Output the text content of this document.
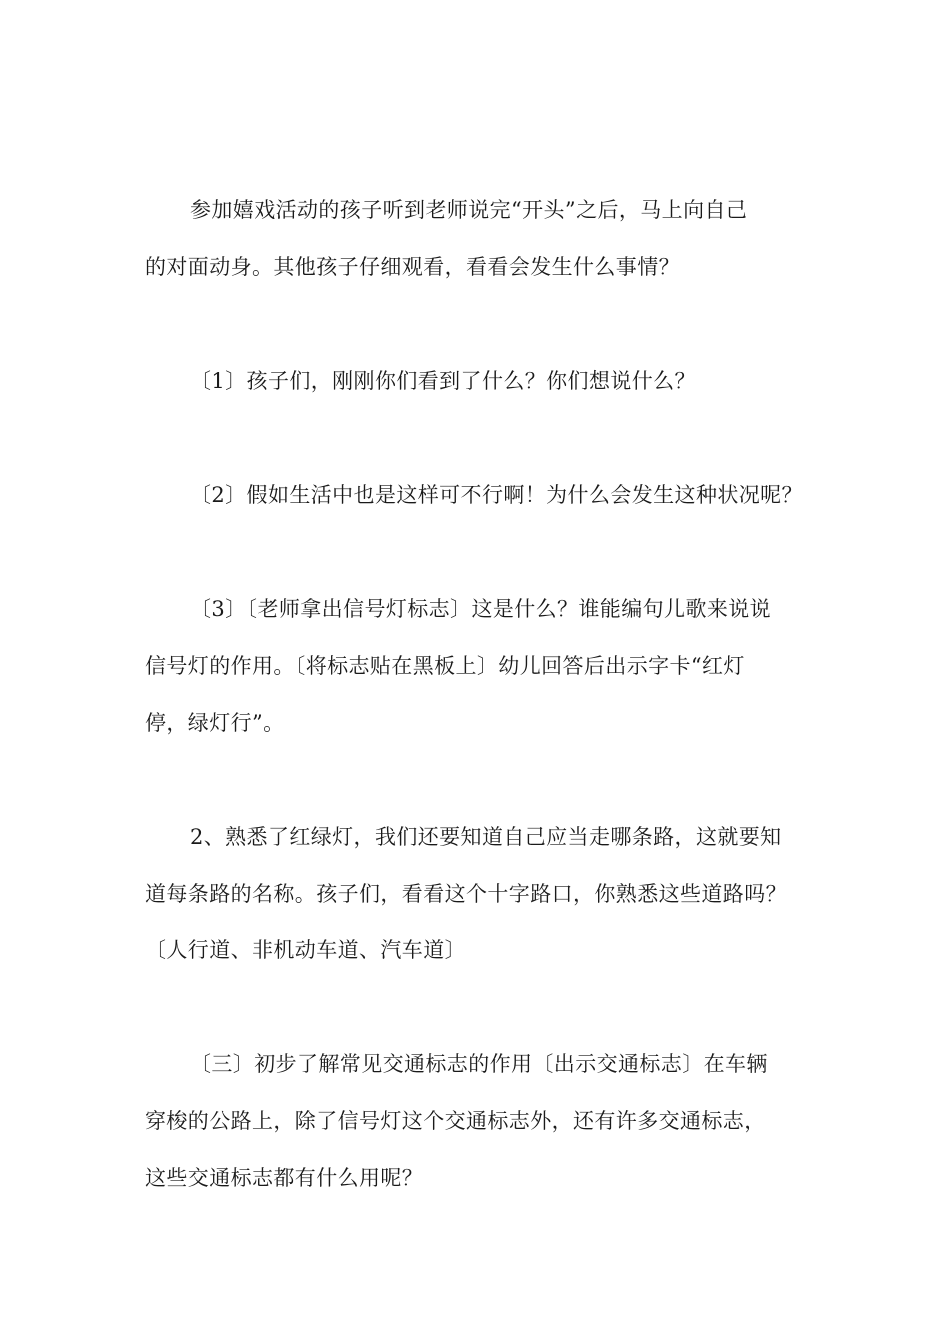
参加嬉戏活动的孩子听到老师说完“开头”之后，马上向自己
的对面动身。其他孩子仔细观看，看看会发生什么事情？
〔1〕孩子们，刚刚你们看到了什么？你们想说什么？
〔2〕假如生活中也是这样可不行啊！为什么会发生这种状况呢？
〔3〕〔老师拿出信号灯标志〕这是什么？谁能编句儿歌来说说
信号灯的作用。〔将标志贴在黑板上〕幼儿回答后出示字卡“红灯
停，绿灯行”。
2、熟悉了红绿灯，我们还要知道自己应当走哪条路，这就要知
道每条路的名称。孩子们，看看这个十字路口，你熟悉这些道路吗？
〔人行道、非机动车道、汽车道〕
〔三〕初步了解常见交通标志的作用〔出示交通标志〕在车辆
穿梭的公路上，除了信号灯这个交通标志外，还有许多交通标志，
这些交通标志都有什么用呢？
